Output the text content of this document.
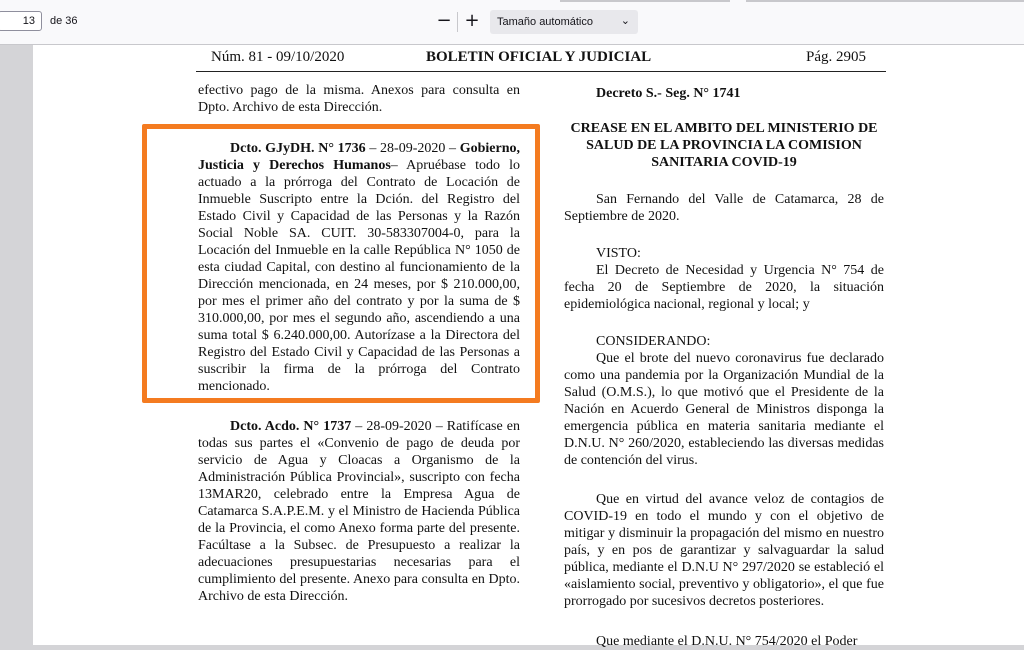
13
de 36	− +	Tamaño automático	⌄
Núm. 81 - 09/10/2020	BOLETIN OFICIAL Y JUDICIAL	Pág. 2905

efectivo pago de la misma. Anexos para consulta en Dpto. Archivo de esta Dirección.

Dcto. GJyDH. N° 1736 – 28-09-2020 – Gobierno, Justicia y Derechos Humanos– Apruébase todo lo actuado a la prórroga del Contrato de Locación de Inmueble Suscripto entre la Dción. del Registro del Estado Civil y Capacidad de las Personas y la Razón Social Noble SA. CUIT. 30-583307004-0, para la Locación del Inmueble en la calle República N° 1050 de esta ciudad Capital, con destino al funcionamiento de la Dirección mencionada, en 24 meses, por $ 210.000,00, por mes el primer año del contrato y por la suma de $ 310.000,00, por mes el segundo año, ascendiendo a una suma total $ 6.240.000,00. Autorízase a la Directora del Registro del Estado Civil y Capacidad de las Personas a suscribir la firma de la prórroga del Contrato mencionado.

Dcto. Acdo. N° 1737 – 28-09-2020 – Ratifícase en todas sus partes el «Convenio de pago de deuda por servicio de Agua y Cloacas a Organismo de la Administración Pública Provincial», suscripto con fecha 13MAR20, celebrado entre la Empresa Agua de Catamarca S.A.P.E.M. y el Ministro de Hacienda Pública de la Provincia, el como Anexo forma parte del presente. Facúltase a la Subsec. de Presupuesto a realizar la adecuaciones presupuestarias necesarias para el cumplimiento del presente. Anexo para consulta en Dpto. Archivo de esta Dirección.

Decreto S.- Seg. N° 1741

CREASE EN EL AMBITO DEL MINISTERIO DE SALUD DE LA PROVINCIA LA COMISION SANITARIA COVID-19

San Fernando del Valle de Catamarca, 28 de Septiembre de 2020.

VISTO:

El Decreto de Necesidad y Urgencia N° 754 de fecha 20 de Septiembre de 2020, la situación epidemiológica nacional, regional y local; y

CONSIDERANDO:

Que el brote del nuevo coronavirus fue declarado como una pandemia por la Organización Mundial de la Salud (O.M.S.), lo que motivó que el Presidente de la Nación en Acuerdo General de Ministros disponga la emergencia pública en materia sanitaria mediante el D.N.U. N° 260/2020, estableciendo las diversas medidas de contención del virus.

Que en virtud del avance veloz de contagios de COVID-19 en todo el mundo y con el objetivo de mitigar y disminuir la propagación del mismo en nuestro país, y en pos de garantizar y salvaguardar la salud pública, mediante el D.N.U N° 297/2020 se estableció el «aislamiento social, preventivo y obligatorio», el que fue prorrogado por sucesivos decretos posteriores.

Que mediante el D.N.U. N° 754/2020 el Poder
